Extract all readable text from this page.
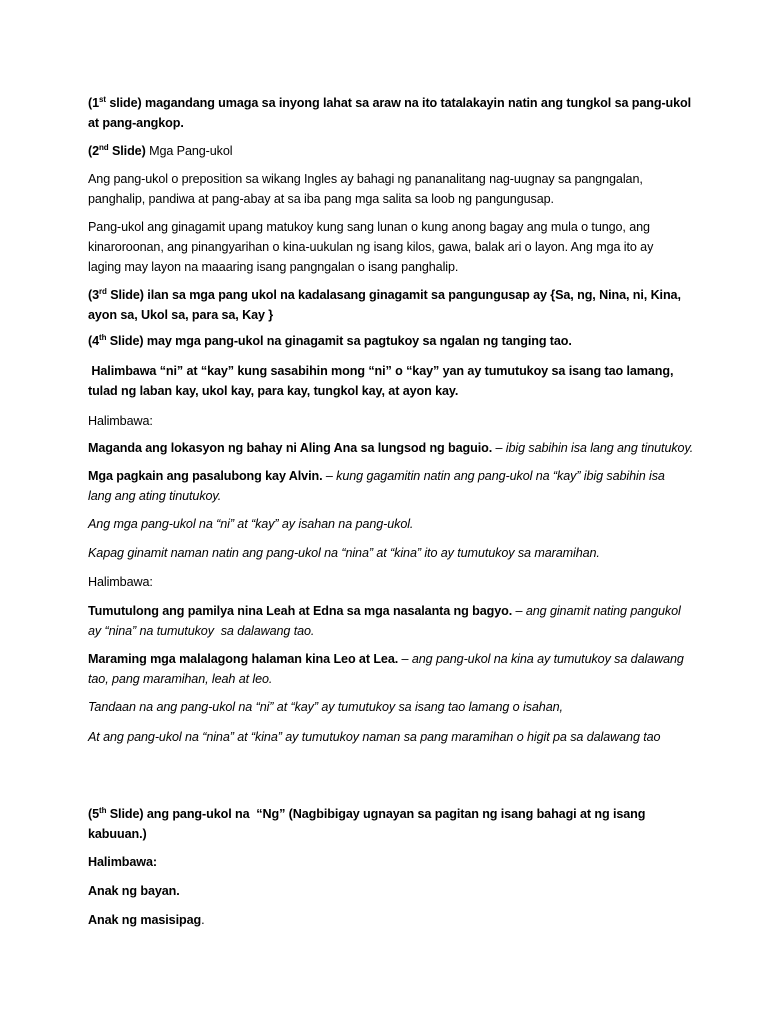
(1st slide) magandang umaga sa inyong lahat sa araw na ito tatalakayin natin ang tungkol sa pang-ukol at pang-angkop.

(2nd Slide) Mga Pang-ukol

Ang pang-ukol o preposition sa wikang Ingles ay bahagi ng pananalitang nag-uugnay sa pangngalan, panghalip, pandiwa at pang-abay at sa iba pang mga salita sa loob ng pangungusap.

Pang-ukol ang ginagamit upang matukoy kung sang lunan o kung anong bagay ang mula o tungo, ang kinaroroonan, ang pinangyarihan o kina-uukulan ng isang kilos, gawa, balak ari o layon. Ang mga ito ay laging may layon na maaaring isang pangngalan o isang panghalip.

(3rd Slide) ilan sa mga pang ukol na kadalasang ginagamit sa pangungusap ay {Sa, ng, Nina, ni, Kina, ayon sa, Ukol sa, para sa, Kay }

(4th Slide) may mga pang-ukol na ginagamit sa pagtukoy sa ngalan ng tanging tao.

Halimbawa “ni” at “kay” kung sasabihin mong “ni” o “kay” yan ay tumutukoy sa isang tao lamang, tulad ng laban kay, ukol kay, para kay, tungkol kay, at ayon kay.

Halimbawa:

Maganda ang lokasyon ng bahay ni Aling Ana sa lungsod ng baguio. – ibig sabihin isa lang ang tinutukoy.

Mga pagkain ang pasalubong kay Alvin. – kung gagamitin natin ang pang-ukol na “kay” ibig sabihin isa lang ang ating tinutukoy.

Ang mga pang-ukol na “ni” at “kay” ay isahan na pang-ukol.

Kapag ginamit naman natin ang pang-ukol na “nina” at “kina” ito ay tumutukoy sa maramihan.

Halimbawa:

Tumutulong ang pamilya nina Leah at Edna sa mga nasalanta ng bagyo. – ang ginamit nating pangukol ay “nina” na tumutukoy  sa dalawang tao.

Maraming mga malalagong halaman kina Leo at Lea. – ang pang-ukol na kina ay tumutukoy sa dalawang tao, pang maramihan, leah at leo.

Tandaan na ang pang-ukol na “ni” at “kay” ay tumutukoy sa isang tao lamang o isahan,

At ang pang-ukol na “nina” at “kina” ay tumutukoy naman sa pang maramihan o higit pa sa dalawang tao

(5th Slide) ang pang-ukol na  “Ng” (Nagbibigay ugnayan sa pagitan ng isang bahagi at ng isang kabuuan.)

Halimbawa:

Anak ng bayan.

Anak ng masisipag.
